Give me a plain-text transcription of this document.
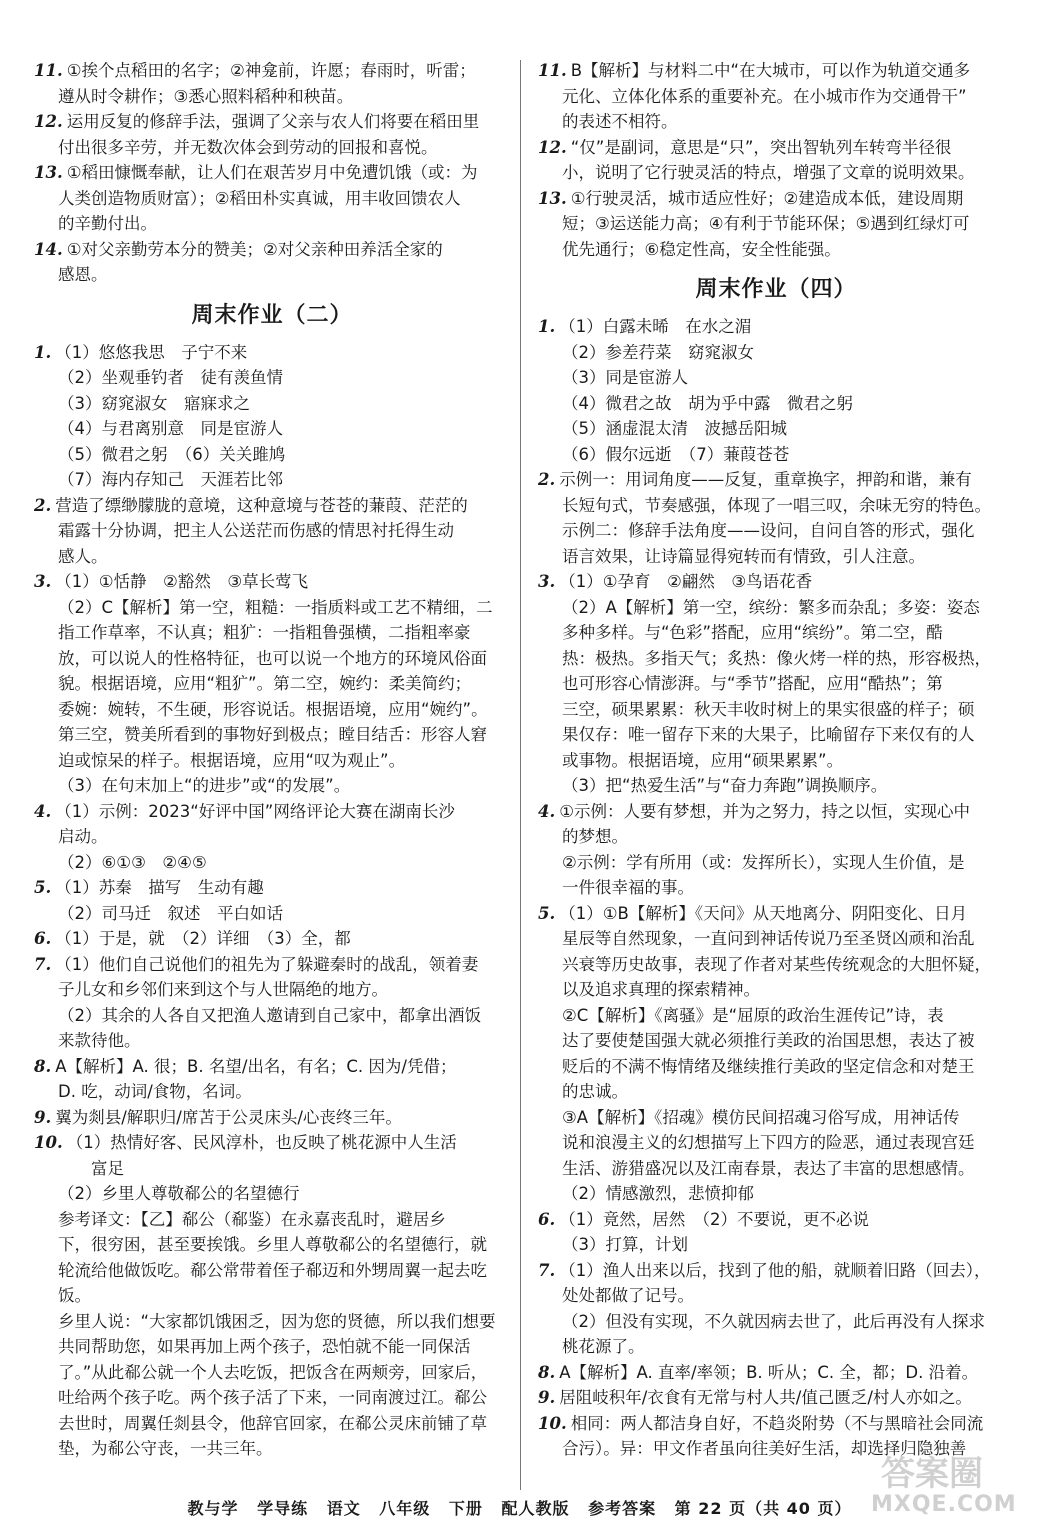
11. ①挨个点稻田的名字；②神龛前，许愿；春雨时，听雷；
遵从时令耕作；③悉心照料稻种和秧苗。
12. 运用反复的修辞手法，强调了父亲与农人们将要在稻田里
付出很多辛劳，并无数次体会到劳动的回报和喜悦。
13. ①稻田慷慨奉献，让人们在艰苦岁月中免遭饥饿（或：为
人类创造物质财富）；②稻田朴实真诚，用丰收回馈农人
的辛勤付出。
14. ①对父亲勤劳本分的赞美；②对父亲种田养活全家的
感恩。
周末作业（二）
1. （1）悠悠我思　子宁不来
（2）坐观垂钓者　徒有羡鱼情
（3）窈窕淑女　寤寐求之
（4）与君离别意　同是宦游人
（5）微君之躬　（6）关关雎鸠
（7）海内存知己　天涯若比邻
2. 营造了缥缈朦胧的意境，这种意境与苍苍的蒹葭、茫茫的
霜露十分协调，把主人公送茫而伤感的情思衬托得生动
感人。
3. （1）①恬静　②豁然　③草长莺飞
（2）C【解析】第一空，粗糙：一指质料或工艺不精细，二
指工作草率，不认真；粗犷：一指粗鲁强横，二指粗率豪
放，可以说人的性格特征，也可以说一个地方的环境风俗面
貌。根据语境，应用“粗犷”。第二空，婉约：柔美简约；
委婉：婉转，不生硬，形容说话。根据语境，应用“婉约”。
第三空，赞美所看到的事物好到极点；瞠目结舌：形容人窘
迫或惊呆的样子。根据语境，应用“叹为观止”。
（3）在句末加上“的进步”或“的发展”。
4. （1）示例：2023“好评中国”网络评论大赛在湖南长沙
启动。
（2）⑥①③　②④⑤
5. （1）苏秦　描写　生动有趣
（2）司马迁　叙述　平白如话
6. （1）于是，就　（2）详细　（3）全，都
7. （1）他们自己说他们的祖先为了躲避秦时的战乱，领着妻
子儿女和乡邻们来到这个与人世隔绝的地方。
（2）其余的人各自又把渔人邀请到自己家中，都拿出酒饭
来款待他。
8. A【解析】A. 很；B. 名望/出名，有名；C. 因为/凭借；
D. 吃，动词/食物，名词。
9. 翼为剡县/解职归/席苫于公灵床头/心丧终三年。
10. （1）热情好客、民风淳朴，也反映了桃花源中人生活
　　富足
（2）乡里人尊敬郗公的名望德行
参考译文：【乙】郗公（郗鉴）在永嘉丧乱时，避居乡
下，很穷困，甚至要挨饿。乡里人尊敬郗公的名望德行，就
轮流给他做饭吃。郗公常带着侄子郗迈和外甥周翼一起去吃饭。
乡里人说：“大家都饥饿困乏，因为您的贤德，所以我们想要
共同帮助您，如果再加上两个孩子，恐怕就不能一同保活
了。”从此郗公就一个人去吃饭，把饭含在两颊旁，回家后，
吐给两个孩子吃。两个孩子活了下来，一同南渡过江。郗公
去世时，周翼任剡县令，他辞官回家，在郗公灵床前铺了草
垫，为郗公守丧，一共三年。
11. B【解析】与材料二中“在大城市，可以作为轨道交通多
元化、立体化体系的重要补充。在小城市作为交通骨干”
的表述不相符。
12. “仅”是副词，意思是“只”，突出智轨列车转弯半径很
小，说明了它行驶灵活的特点，增强了文章的说明效果。
13. ①行驶灵活，城市适应性好；②建造成本低，建设周期
短；③运送能力高；④有利于节能环保；⑤遇到红绿灯可
优先通行；⑥稳定性高，安全性能强。
周末作业（四）
1. （1）白露未晞　在水之湄
（2）参差荇菜　窈窕淑女
（3）同是宦游人
（4）微君之故　胡为乎中露　微君之躬
（5）涵虚混太清　波撼岳阳城
（6）假尔远逝　（7）蒹葭苍苍
2. 示例一：用词角度——反复，重章换字，押韵和谐，兼有
长短句式，节奏感强，体现了一唱三叹，余味无穷的特色。
示例二：修辞手法角度——设问，自问自答的形式，强化
语言效果，让诗篇显得宛转而有情致，引人注意。
3. （1）①孕育　②翩然　③鸟语花香
（2）A【解析】第一空，缤纷：繁多而杂乱；多姿：姿态
多种多样。与“色彩”搭配，应用“缤纷”。第二空，酷
热：极热。多指天气；炙热：像火烤一样的热，形容极热，
也可形容心情澎湃。与“季节”搭配，应用“酷热”；第
三空，硕果累累：秋天丰收时树上的果实很盛的样子；硕
果仅存：唯一留存下来的大果子，比喻留存下来仅有的人
或事物。根据语境，应用“硕果累累”。
（3）把“热爱生活”与“奋力奔跑”调换顺序。
4. ①示例：人要有梦想，并为之努力，持之以恒，实现心中
的梦想。
②示例：学有所用（或：发挥所长），实现人生价值，是
一件很幸福的事。
5. （1）①B【解析】《天问》从天地离分、阴阳变化、日月
星辰等自然现象，一直问到神话传说乃至圣贤凶顽和治乱
兴衰等历史故事，表现了作者对某些传统观念的大胆怀疑，
以及追求真理的探索精神。
②C【解析】《离骚》是“屈原的政治生涯传记”诗，表
达了要使楚国强大就必须推行美政的治国思想，表达了被
贬后的不满不悔情绪及继续推行美政的坚定信念和对楚王
的忠诚。
③A【解析】《招魂》模仿民间招魂习俗写成，用神话传
说和浪漫主义的幻想描写上下四方的险恶，通过表现宫廷
生活、游猎盛况以及江南春景，表达了丰富的思想感情。
（2）情感激烈，悲愤抑郁
6. （1）竟然，居然　（2）不要说，更不必说
（3）打算，计划
7. （1）渔人出来以后，找到了他的船，就顺着旧路（回去），
处处都做了记号。
（2）但没有实现，不久就因病去世了，此后再没有人探求
桃花源了。
8. A【解析】A. 直率/率领；B. 听从；C. 全，都；D. 沿着。
9. 居阻岐积年/衣食有无常与村人共/值己匮乏/村人亦如之。
10. 相同：两人都洁身自好，不趋炎附势（不与黑暗社会同流
合污）。异：甲文作者虽向往美好生活，却选择归隐独善
教与学 学导练 语文 八年级 下册 配人教版 参考答案 第 22 页（共 40 页）
答案圈
MXQE.COM
